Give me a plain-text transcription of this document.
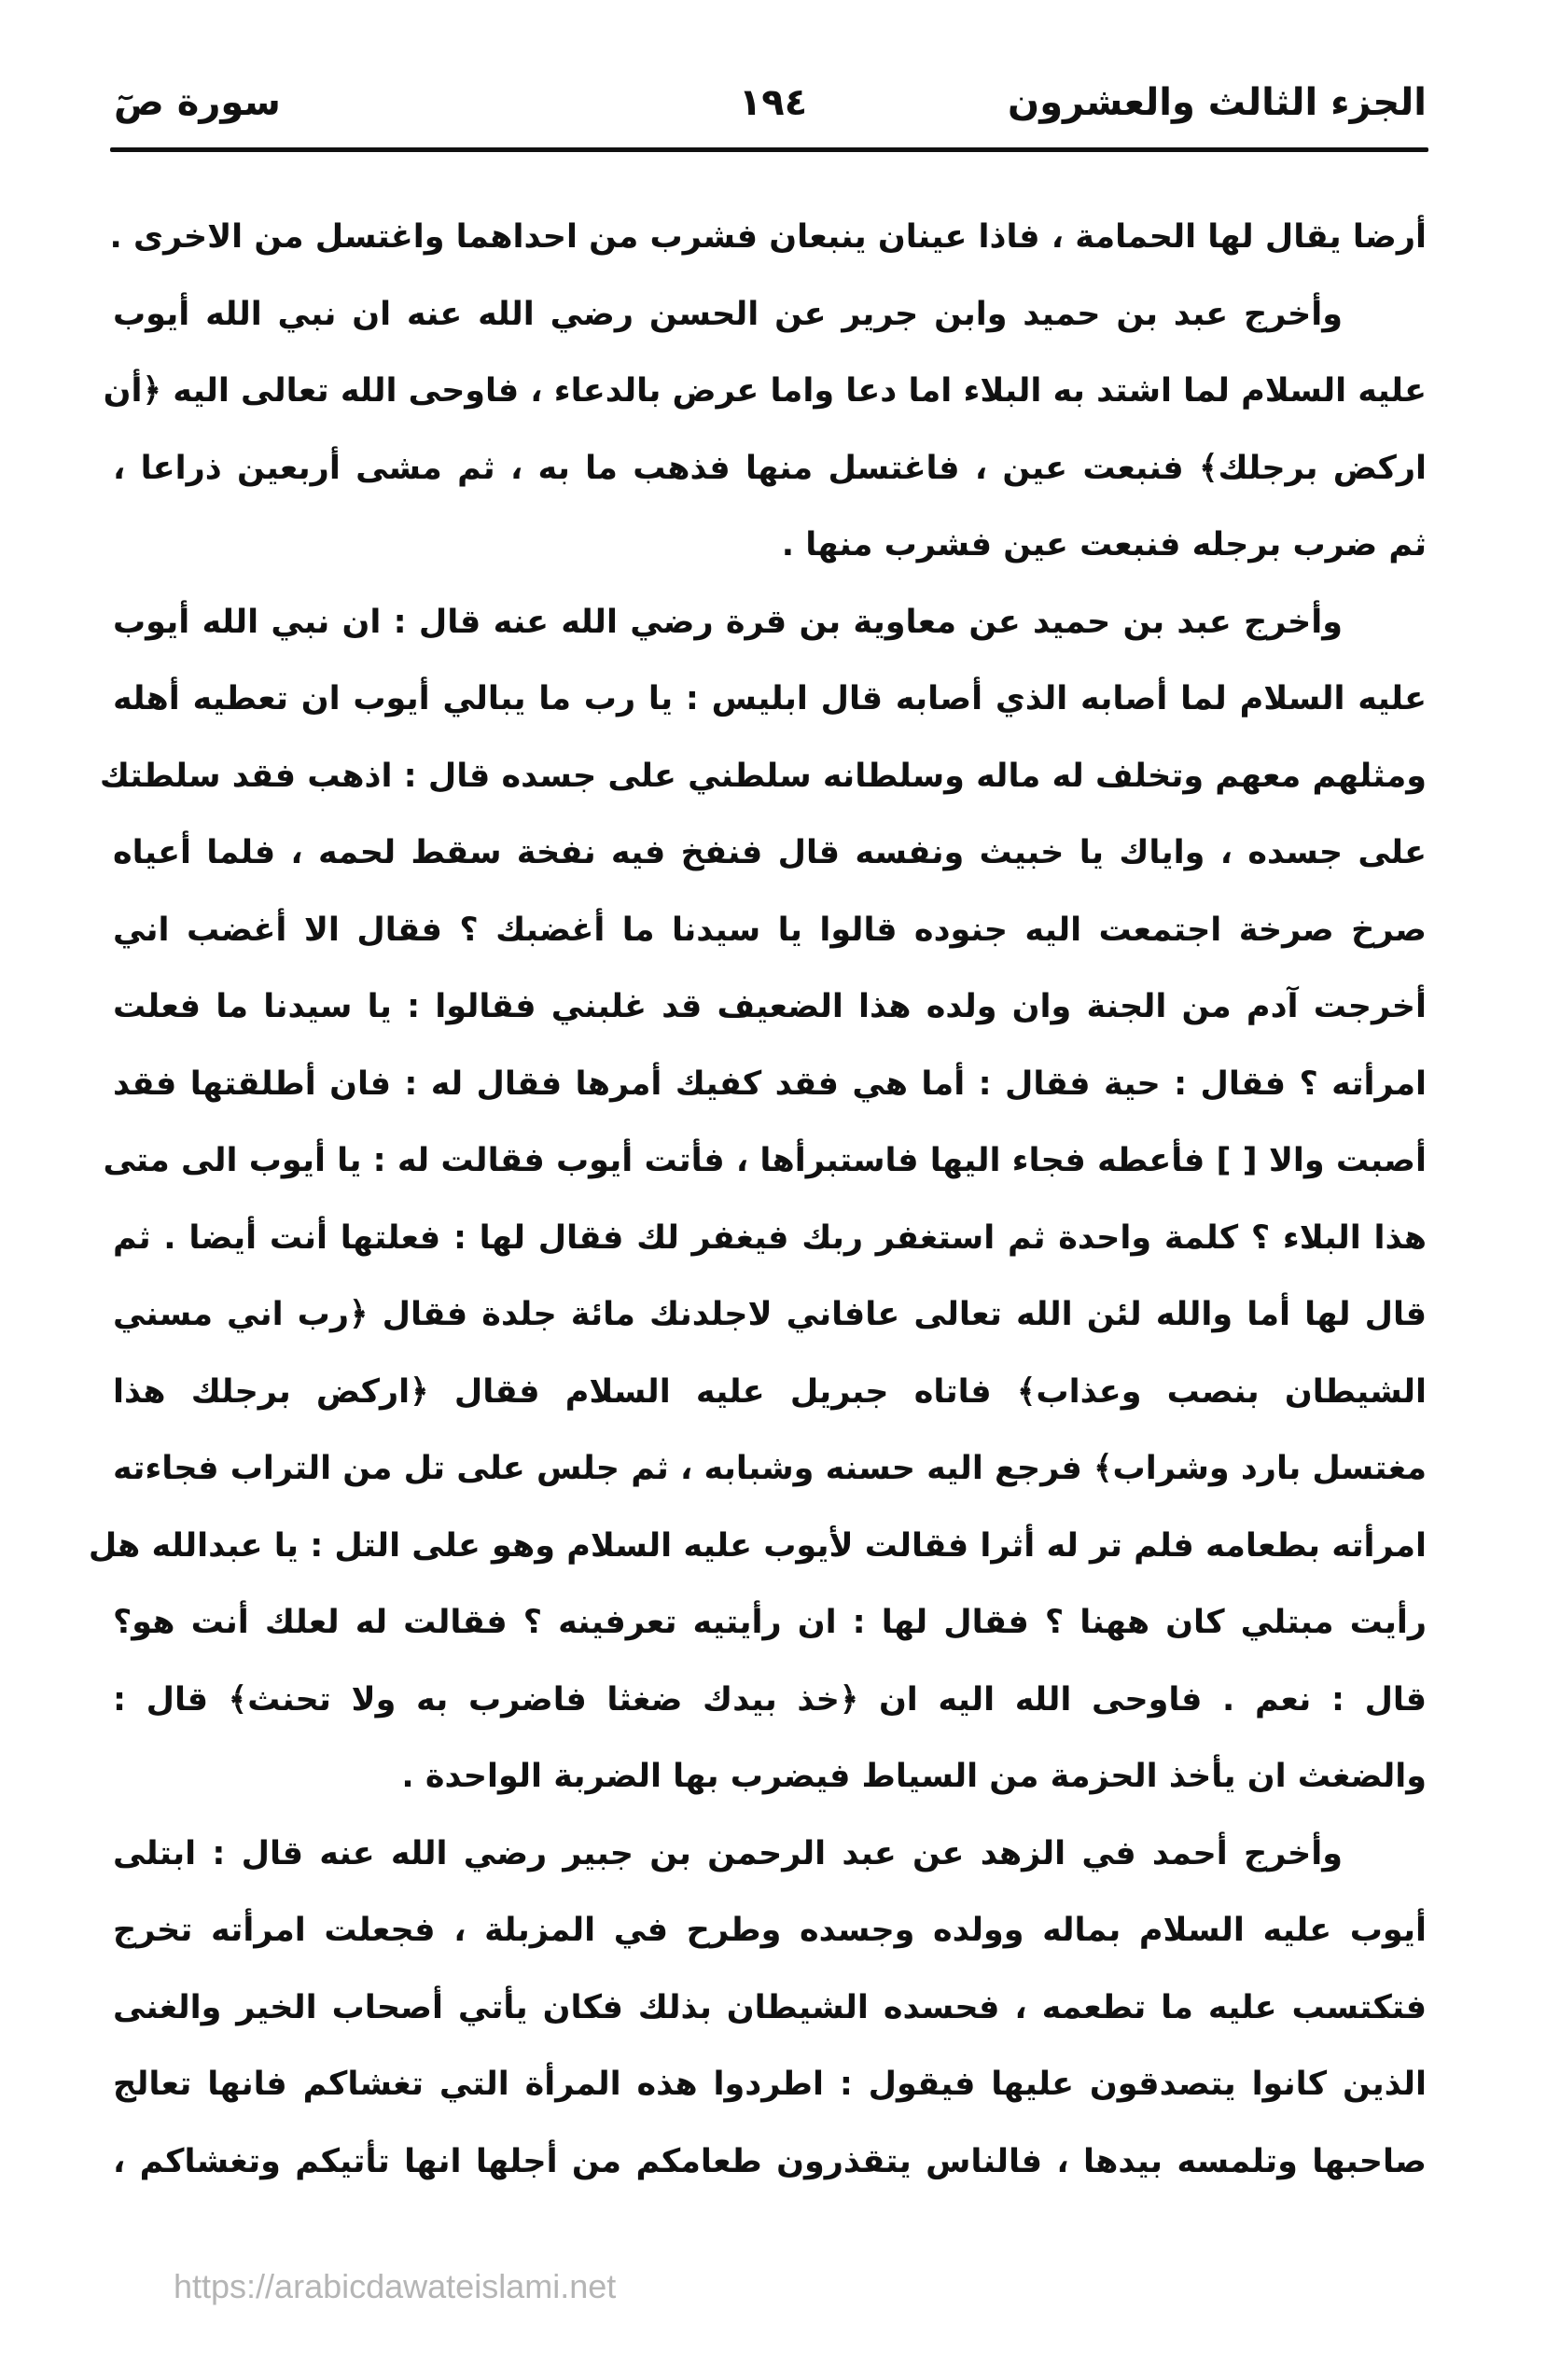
الجزء الثالث والعشرون
١٩٤
سورة صٓ
أرضا يقال لها الحمامة ، فاذا عينان ينبعان فشرب من احداهما واغتسل من الاخرى .
وأخرج عبد بن حميد وابن جرير عن الحسن رضي الله عنه ان نبي الله أيوب
عليه السلام لما اشتد به البلاء اما دعا واما عرض بالدعاء ، فاوحى الله تعالى اليه ﴿أن
اركض برجلك﴾ فنبعت عين ، فاغتسل منها فذهب ما به ، ثم مشى أربعين ذراعا ،
ثم ضرب برجله فنبعت عين فشرب منها .
وأخرج عبد بن حميد عن معاوية بن قرة رضي الله عنه قال : ان نبي الله أيوب
عليه السلام لما أصابه الذي أصابه قال ابليس : يا رب ما يبالي أيوب ان تعطيه أهله
ومثلهم معهم وتخلف له ماله وسلطانه سلطني على جسده قال : اذهب فقد سلطتك
على جسده ، واياك يا خبيث ونفسه قال فنفخ فيه نفخة سقط لحمه ، فلما أعياه
صرخ صرخة اجتمعت اليه جنوده قالوا يا سيدنا ما أغضبك ؟ فقال الا أغضب اني
أخرجت آدم من الجنة وان ولده هذا الضعيف قد غلبني فقالوا : يا سيدنا ما فعلت
امرأته ؟ فقال : حية فقال : أما هي فقد كفيك أمرها فقال له : فان أطلقتها فقد
أصبت والا [ ] فأعطه فجاء اليها فاستبرأها ، فأتت أيوب فقالت له : يا أيوب الى متى
هذا البلاء ؟ كلمة واحدة ثم استغفر ربك فيغفر لك فقال لها : فعلتها أنت أيضا . ثم
قال لها أما والله لئن الله تعالى عافاني لاجلدنك مائة جلدة فقال ﴿رب اني مسني
الشيطان بنصب وعذاب﴾ فاتاه جبريل عليه السلام فقال ﴿اركض برجلك هذا
مغتسل بارد وشراب﴾ فرجع اليه حسنه وشبابه ، ثم جلس على تل من التراب فجاءته
امرأته بطعامه فلم تر له أثرا فقالت لأيوب عليه السلام وهو على التل : يا عبدالله هل
رأيت مبتلي كان ههنا ؟ فقال لها : ان رأيتيه تعرفينه ؟ فقالت له لعلك أنت هو؟
قال : نعم . فاوحى الله اليه ان ﴿خذ بيدك ضغثا فاضرب به ولا تحنث﴾ قال :
والضغث ان يأخذ الحزمة من السياط فيضرب بها الضربة الواحدة .
وأخرج أحمد في الزهد عن عبد الرحمن بن جبير رضي الله عنه قال : ابتلى
أيوب عليه السلام بماله وولده وجسده وطرح في المزبلة ، فجعلت امرأته تخرج
فتكتسب عليه ما تطعمه ، فحسده الشيطان بذلك فكان يأتي أصحاب الخير والغنى
الذين كانوا يتصدقون عليها فيقول : اطردوا هذه المرأة التي تغشاكم فانها تعالج
صاحبها وتلمسه بيدها ، فالناس يتقذرون طعامكم من أجلها انها تأتيكم وتغشاكم ،
https://arabicdawateislami.net
